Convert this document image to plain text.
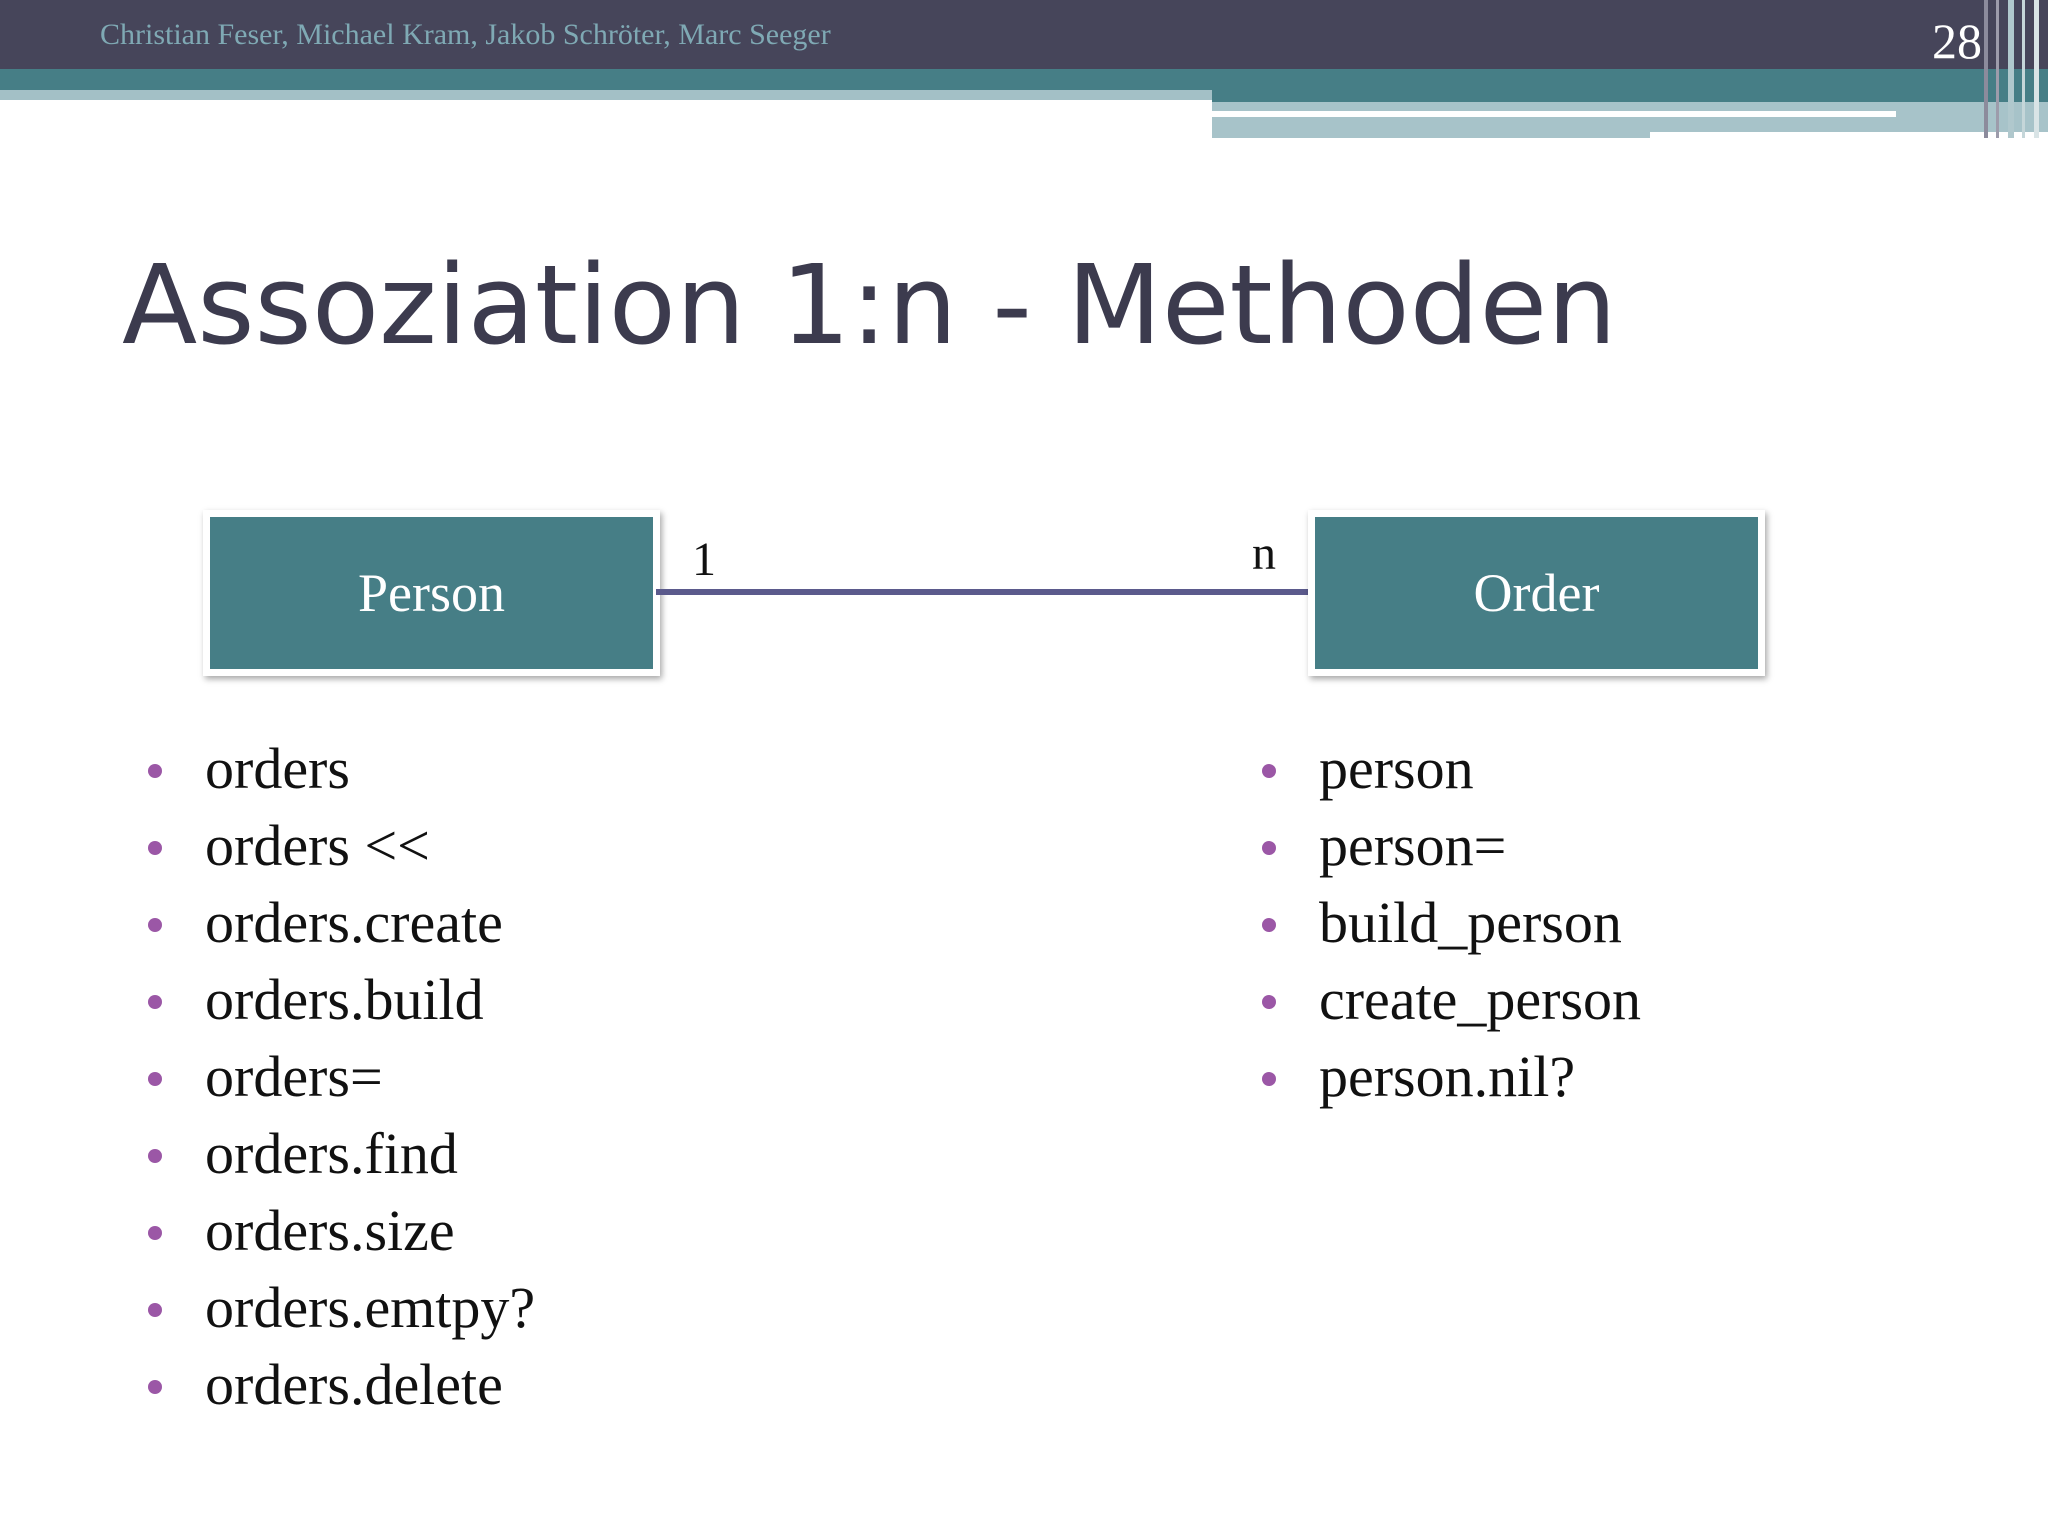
Christian Feser, Michael Kram, Jakob Schröter, Marc Seeger	28
Assoziation 1:n - Methoden
Person
1	n
Order
orders
orders <<
orders.create
orders.build
orders=
orders.find
orders.size
orders.emtpy?
orders.delete
person
person=
build_person
create_person
person.nil?
